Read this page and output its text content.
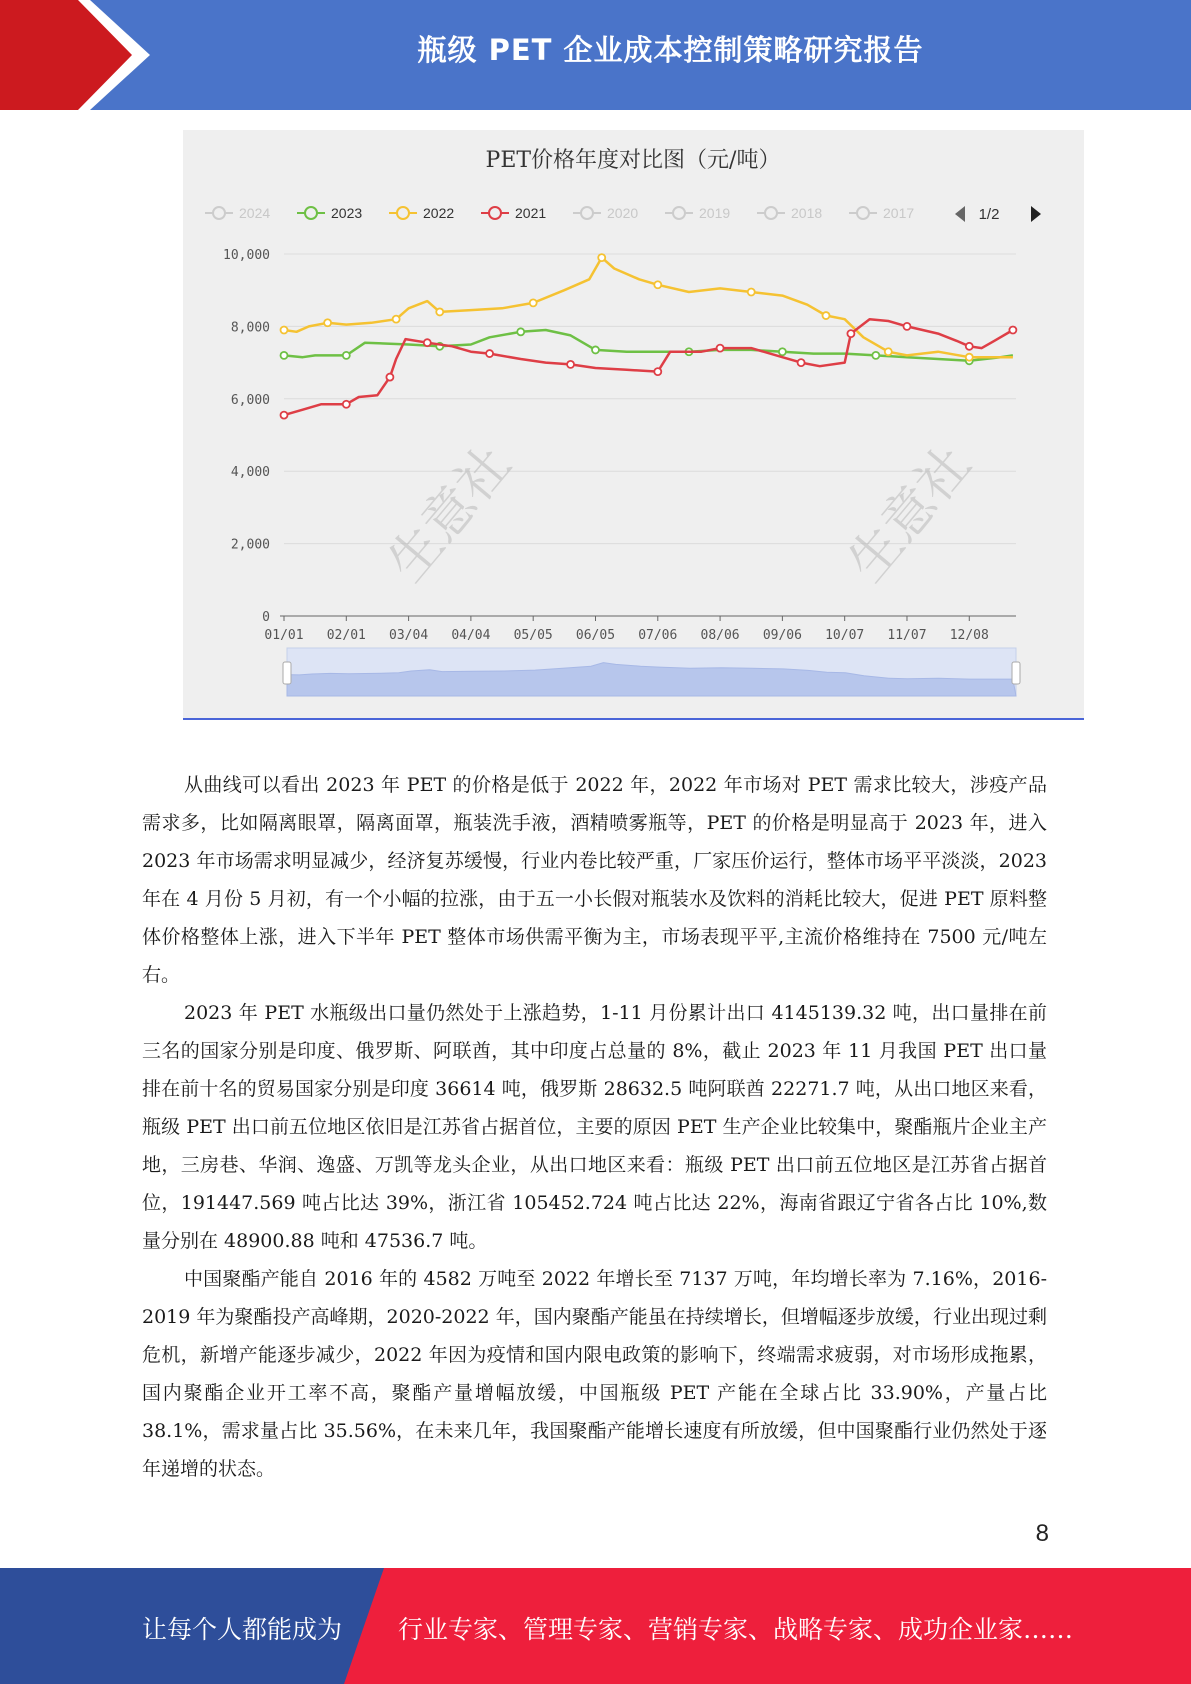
瓶级 PET 企业成本控制策略研究报告
PET价格年度对比图（元/吨）
2024	2023	2022	2021	2020	2019	2018	2017	1/2
0
2,000
4,000
6,000
8,000
10,000
01/01 02/01 03/04 04/04 05/05 06/05 07/06 08/06 09/06 10/07 11/07 12/08
生意社	生意社

从曲线可以看出 2023 年 PET 的价格是低于 2022 年，2022 年市场对 PET 需求比较大，涉疫产品需求多，比如隔离眼罩，隔离面罩，瓶装洗手液，酒精喷雾瓶等，PET 的价格是明显高于 2023 年，进入 2023 年市场需求明显减少，经济复苏缓慢，行业内卷比较严重，厂家压价运行，整体市场平平淡淡，2023 年在 4 月份 5 月初，有一个小幅的拉涨，由于五一小长假对瓶装水及饮料的消耗比较大，促进 PET 原料整体价格整体上涨，进入下半年 PET 整体市场供需平衡为主，市场表现平平,主流价格维持在 7500 元/吨左右。

2023 年 PET 水瓶级出口量仍然处于上涨趋势，1-11 月份累计出口 4145139.32 吨，出口量排在前三名的国家分别是印度、俄罗斯、阿联酋，其中印度占总量的 8%，截止 2023 年 11 月我国 PET 出口量排在前十名的贸易国家分别是印度 36614 吨，俄罗斯 28632.5 吨阿联酋 22271.7 吨，从出口地区来看，瓶级 PET 出口前五位地区依旧是江苏省占据首位，主要的原因 PET 生产企业比较集中，聚酯瓶片企业主产地，三房巷、华润、逸盛、万凯等龙头企业，从出口地区来看：瓶级 PET 出口前五位地区是江苏省占据首位，191447.569 吨占比达 39%，浙江省 105452.724 吨占比达 22%，海南省跟辽宁省各占比 10%,数量分别在 48900.88 吨和 47536.7 吨。

中国聚酯产能自 2016 年的 4582 万吨至 2022 年增长至 7137 万吨，年均增长率为 7.16%，2016-2019 年为聚酯投产高峰期，2020-2022 年，国内聚酯产能虽在持续增长，但增幅逐步放缓，行业出现过剩危机，新增产能逐步减少，2022 年因为疫情和国内限电政策的影响下，终端需求疲弱，对市场形成拖累，国内聚酯企业开工率不高，聚酯产量增幅放缓，中国瓶级 PET 产能在全球占比 33.90%，产量占比 38.1%，需求量占比 35.56%，在未来几年，我国聚酯产能增长速度有所放缓，但中国聚酯行业仍然处于逐年递增的状态。

8
让每个人都能成为 行业专家、管理专家、营销专家、战略专家、成功企业家……
